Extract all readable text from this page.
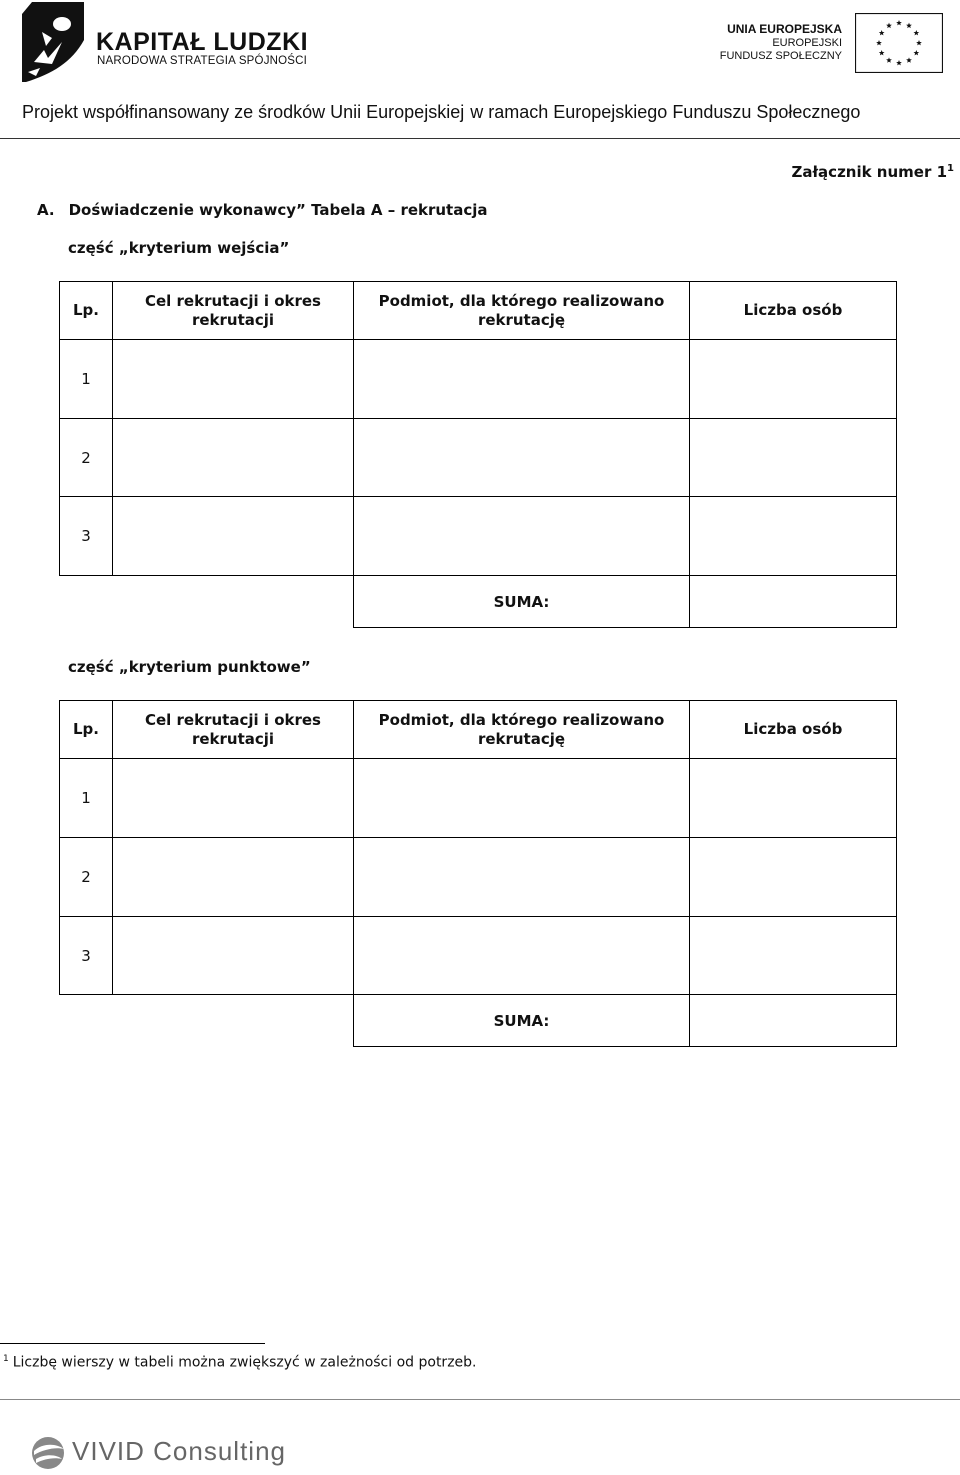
KAPITAŁ LUDZKI
NARODOWA STRATEGIA SPÓJNOŚCI
UNIA EUROPEJSKA
EUROPEJSKI
FUNDUSZ SPOŁECZNY
Projekt współfinansowany ze środków Unii Europejskiej w ramach Europejskiego Funduszu Społecznego
Załącznik numer $1^1$
A. Doświadczenie wykonawcy” Tabela A – rekrutacja
część „kryterium wejścia”
Lp.
Cel rekrutacji i okres rekrutacji
Podmiot, dla którego realizowano rekrutację
Liczba osób
1
2
3
SUMA:
część „kryterium punktowe”
Lp.
Cel rekrutacji i okres rekrutacji
Podmiot, dla którego realizowano rekrutację
Liczba osób
1
2
3
SUMA:
$^1$ Liczbę wierszy w tabeli można zwiększyć w zależności od potrzeb.
VIVID Consulting
